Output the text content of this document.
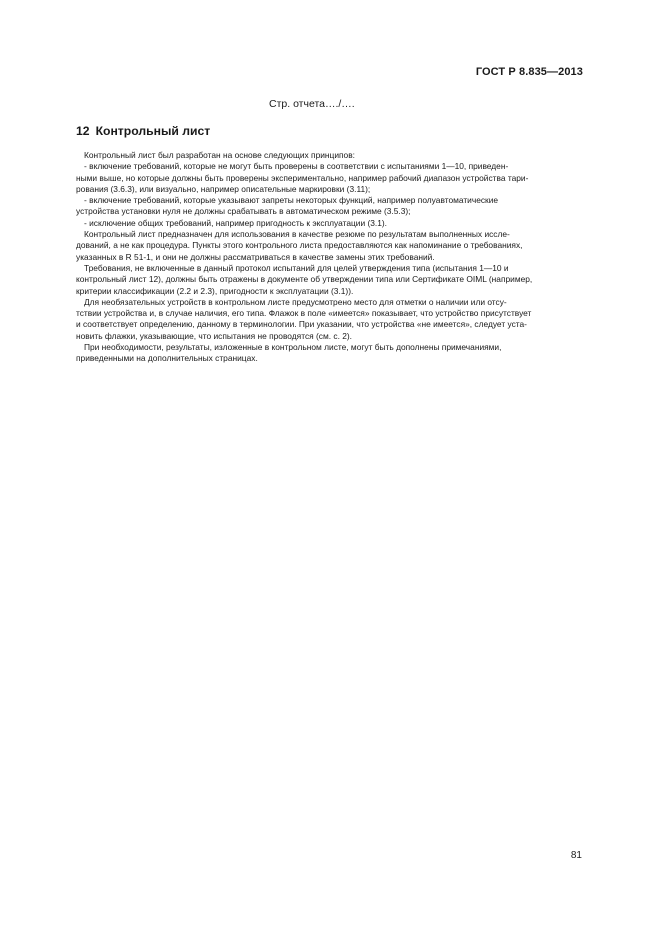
ГОСТ Р 8.835—2013
Стр. отчета…./….
12 Контрольный лист
Контрольный лист был разработан на основе следующих принципов:
- включение требований, которые не могут быть проверены в соответствии с испытаниями 1—10, приведен-
ными выше, но которые должны быть проверены экспериментально, например рабочий диапазон устройства тари-
рования (3.6.3), или визуально, например описательные маркировки (3.11);
- включение требований, которые указывают запреты некоторых функций, например полуавтоматические
устройства установки нуля не должны срабатывать в автоматическом режиме (3.5.3);
- исключение общих требований, например пригодность к эксплуатации (3.1).
Контрольный лист предназначен для использования в качестве резюме по результатам выполненных иссле-
дований, а не как процедура. Пункты этого контрольного листа предоставляются как напоминание о требованиях,
указанных в R 51-1, и они не должны рассматриваться в качестве замены этих требований.
Требования, не включенные в данный протокол испытаний для целей утверждения типа (испытания 1—10 и
контрольный лист 12), должны быть отражены в документе об утверждении типа или Сертификате OIML (например,
критерии классификации (2.2 и 2.3), пригодности к эксплуатации (3.1)).
Для необязательных устройств в контрольном листе предусмотрено место для отметки о наличии или отсу-
тствии устройства и, в случае наличия, его типа. Флажок в поле «имеется» показывает, что устройство присутствует
и соответствует определению, данному в терминологии. При указании, что устройства «не имеется», следует уста-
новить флажки, указывающие, что испытания не проводятся (см. с. 2).
При необходимости, результаты, изложенные в контрольном листе, могут быть дополнены примечаниями,
приведенными на дополнительных страницах.
81
